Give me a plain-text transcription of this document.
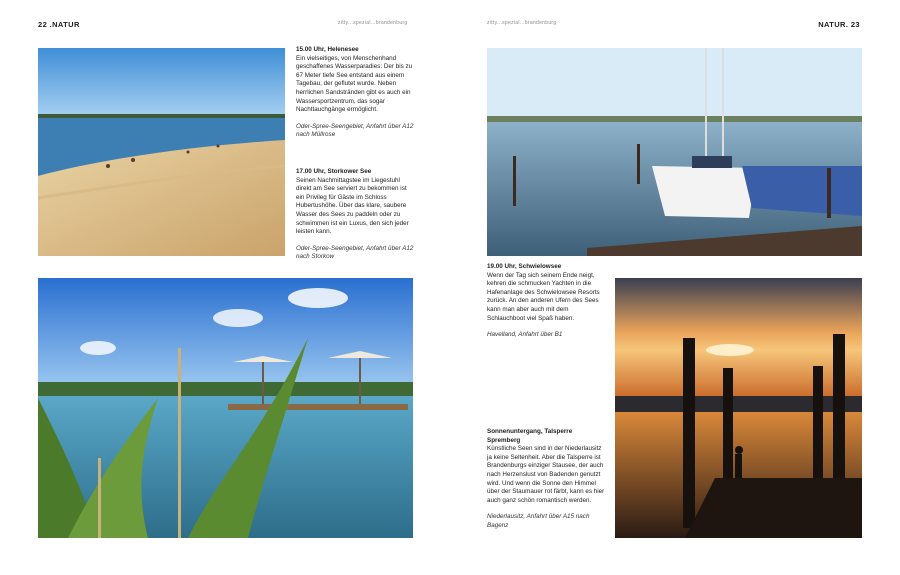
22 .NATUR	zitty...spezial...brandenburg	zitty...spezial...brandenburg	NATUR. 23
15.00 Uhr, Helenesee

Ein vielseitiges, von Menschenhand geschaffenes Wasserparadies: Der bis zu 67 Meter tiefe See entstand aus einem Tagebau, der geflutet wurde. Neben herrlichen Sandstränden gibt es auch ein Wassersportzentrum, das sogar Nachttauchgänge ermöglicht.

Oder-Spree-Seengebiet, Anfahrt über A12 nach Müllrose

17.00 Uhr, Storkower See

Seinen Nachmittagstee im Liegestuhl direkt am See serviert zu bekommen ist ein Privileg für Gäste im Schloss Hubertushöhe. Über das klare, saubere Wasser des Sees zu paddeln oder zu schwimmen ist ein Luxus, den sich jeder leisten kann.

Oder-Spree-Seengebiet, Anfahrt über A12 nach Storkow

19.00 Uhr, Schwielowsee

Wenn der Tag sich seinem Ende neigt, kehren die schmucken Yachten in die Hafenanlage des Schwielowsee Resorts zurück. An den anderen Ufern des Sees kann man aber auch mit dem Schlauchboot viel Spaß haben.

Havelland, Anfahrt über B1

Sonnenuntergang, Talsperre Spremberg

Künstliche Seen sind in der Niederlausitz ja keine Seltenheit. Aber die Talsperre ist Brandenburgs einziger Stausee, der auch nach Herzenslust von Badenden genutzt wird. Und wenn die Sonne den Himmel über der Staumauer rot färbt, kann es hier auch ganz schön romantisch werden.

Niederlausitz, Anfahrt über A15 nach Bagenz
